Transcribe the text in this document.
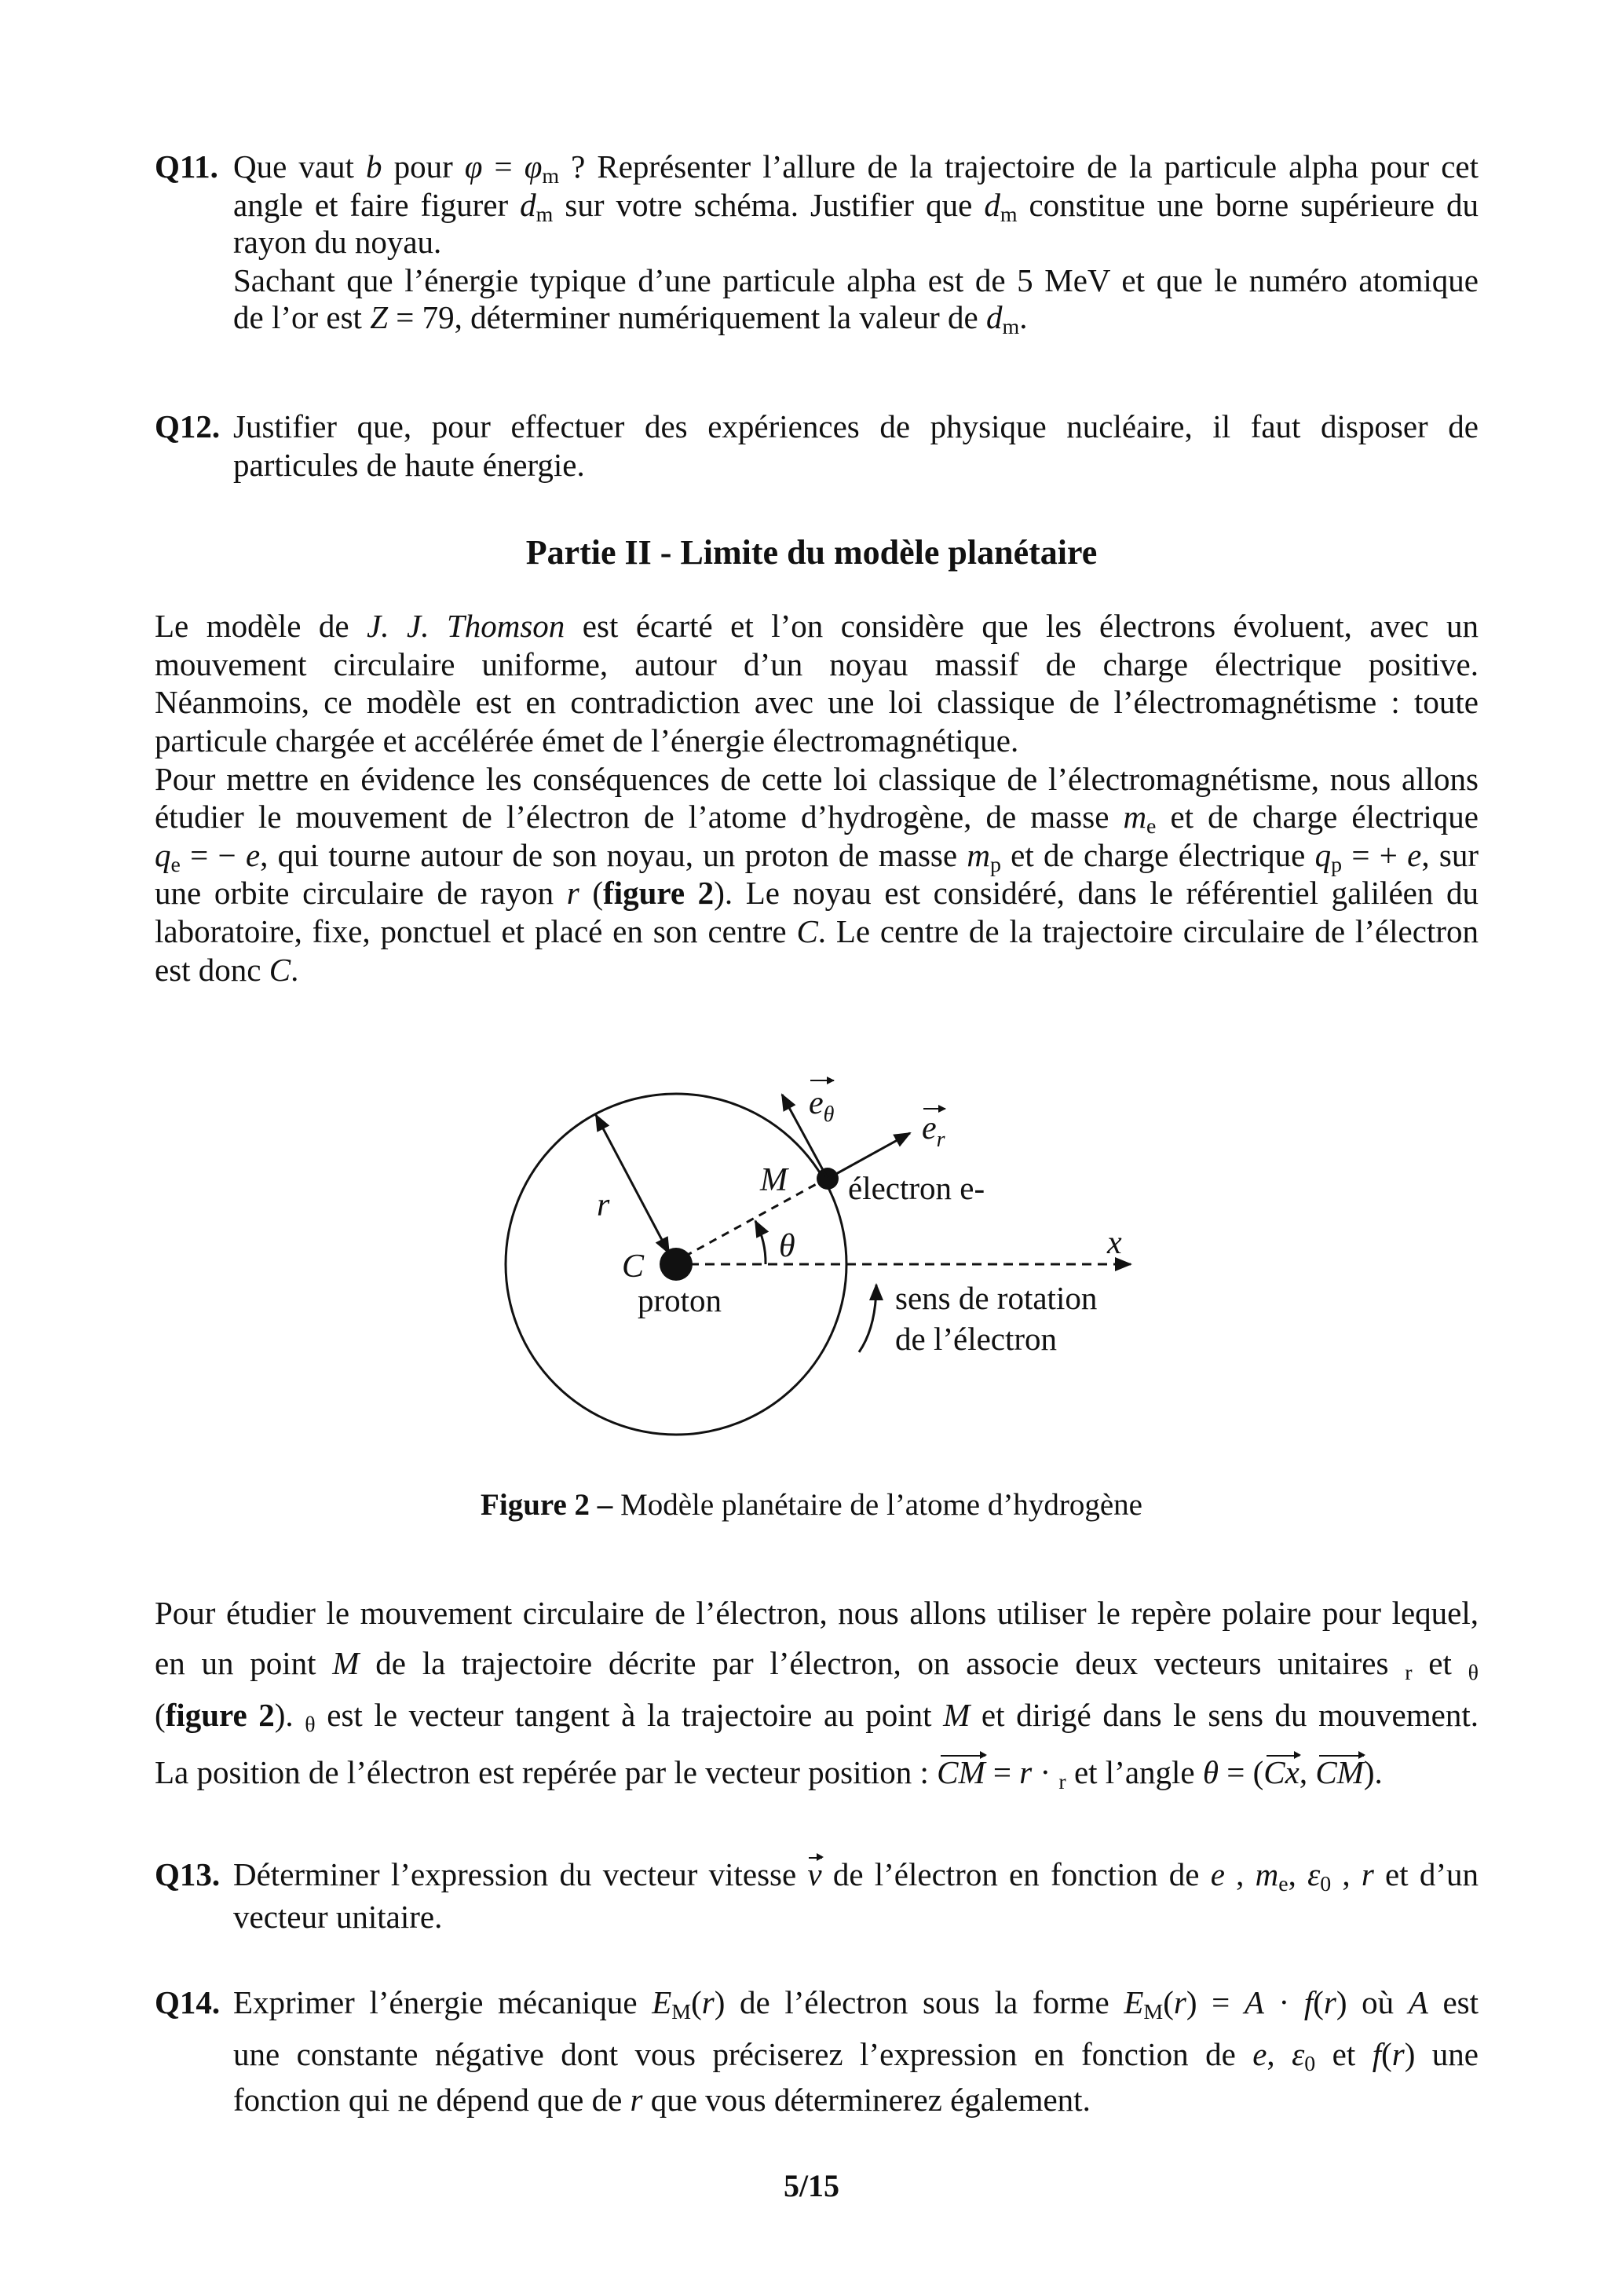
Q11. Que vaut b pour $\varphi = \varphi_m$ ? Représenter l’allure de la trajectoire de la particule alpha pour cet
angle et faire figurer $d_m$ sur votre schéma. Justifier que $d_m$ constitue une borne supérieure du
rayon du noyau.
Sachant que l’énergie typique d’une particule alpha est de 5 MeV et que le numéro atomique
de l’or est Z = 79, déterminer numériquement la valeur de $d_m$.
Q12. Justifier que, pour effectuer des expériences de physique nucléaire, il faut disposer de
particules de haute énergie.
Partie II - Limite du modèle planétaire
Le modèle de J. J. Thomson est écarté et l’on considère que les électrons évoluent, avec un
mouvement circulaire uniforme, autour d’un noyau massif de charge électrique positive.
Néanmoins, ce modèle est en contradiction avec une loi classique de l’électromagnétisme : toute
particule chargée et accélérée émet de l’énergie électromagnétique.
Pour mettre en évidence les conséquences de cette loi classique de l’électromagnétisme, nous allons
étudier le mouvement de l’électron de l’atome d’hydrogène, de masse $m_e$ et de charge électrique
$q_e$ = − e, qui tourne autour de son noyau, un proton de masse $m_p$ et de charge électrique $q_p$ = + e, sur
une orbite circulaire de rayon r (figure 2). Le noyau est considéré, dans le référentiel galiléen du
laboratoire, fixe, ponctuel et placé en son centre C. Le centre de la trajectoire circulaire de l’électron
est donc C.
$e_\theta$	$e_r$
M électron e-
r
θ	x
C
proton	sens de rotation
de l’électron
Figure 2 – Modèle planétaire de l’atome d’hydrogène
Pour étudier le mouvement circulaire de l’électron, nous allons utiliser le repère polaire pour lequel,
en un point M de la trajectoire décrite par l’électron, on associe deux vecteurs unitaires $_r$ et $_\theta$
(figure 2). $_\theta$ est le vecteur tangent à la trajectoire au point M et dirigé dans le sens du mouvement.
La position de l’électron est repérée par le vecteur position : CM = r · $_r$ et l’angle θ = (Cx, CM).
Q13. Déterminer l’expression du vecteur vitesse v de l’électron en fonction de e , $m_e$, $\varepsilon_0$ , r et d’un
vecteur unitaire.
Q14. Exprimer l’énergie mécanique $E_M(r)$ de l’électron sous la forme $E_M(r) = A \cdot f(r)$ où A est
une constante négative dont vous préciserez l’expression en fonction de e, $\varepsilon_0$ et f(r) une
fonction qui ne dépend que de r que vous déterminerez également.
5/15
